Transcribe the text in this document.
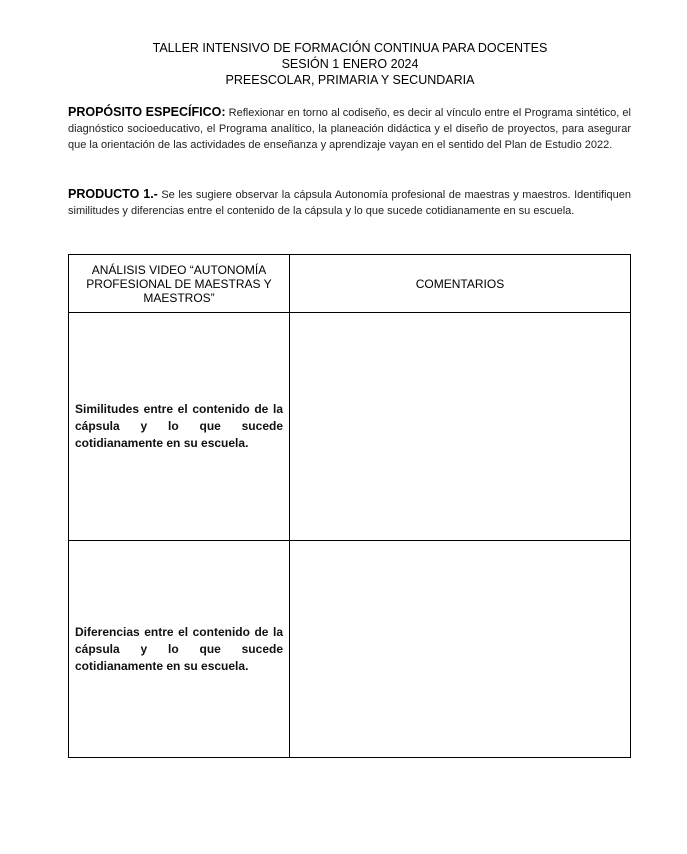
TALLER INTENSIVO DE FORMACIÓN CONTINUA PARA DOCENTES
SESIÓN 1 ENERO 2024
PREESCOLAR, PRIMARIA Y SECUNDARIA
PROPÓSITO ESPECÍFICO: Reflexionar en torno al codiseño, es decir al vínculo entre el Programa sintético, el diagnóstico socioeducativo, el Programa analítico, la planeación didáctica y el diseño de proyectos, para asegurar que la orientación de las actividades de enseñanza y aprendizaje vayan en el sentido del Plan de Estudio 2022.
PRODUCTO 1.- Se les sugiere observar la cápsula Autonomía profesional de maestras y maestros. Identifiquen similitudes y diferencias entre el contenido de la cápsula y lo que sucede cotidianamente en su escuela.
ANÁLISIS VIDEO “AUTONOMÍA PROFESIONAL DE MAESTRAS Y MAESTROS”	COMENTARIOS
Similitudes entre el contenido de la cápsula y lo que sucede cotidianamente en su escuela.	
Diferencias entre el contenido de la cápsula y lo que sucede cotidianamente en su escuela.	
